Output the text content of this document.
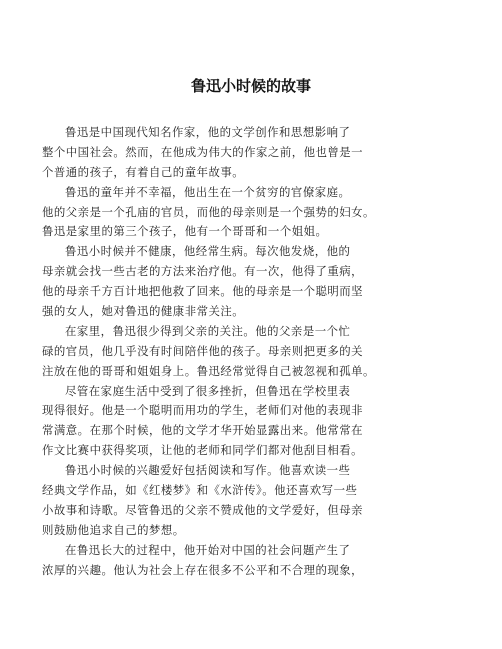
鲁迅小时候的故事

鲁迅是中国现代知名作家，他的文学创作和思想影响了

整个中国社会。然而，在他成为伟大的作家之前，他也曾是一

个普通的孩子，有着自己的童年故事。

鲁迅的童年并不幸福，他出生在一个贫穷的官僚家庭。

他的父亲是一个孔庙的官员，而他的母亲则是一个强势的妇女。

鲁迅是家里的第三个孩子，他有一个哥哥和一个姐姐。

鲁迅小时候并不健康，他经常生病。每次他发烧，他的

母亲就会找一些古老的方法来治疗他。有一次，他得了重病，

他的母亲千方百计地把他救了回来。他的母亲是一个聪明而坚

强的女人，她对鲁迅的健康非常关注。

在家里，鲁迅很少得到父亲的关注。他的父亲是一个忙

碌的官员，他几乎没有时间陪伴他的孩子。母亲则把更多的关

注放在他的哥哥和姐姐身上。鲁迅经常觉得自己被忽视和孤单。

尽管在家庭生活中受到了很多挫折，但鲁迅在学校里表

现得很好。他是一个聪明而用功的学生，老师们对他的表现非

常满意。在那个时候，他的文学才华开始显露出来。他常常在

作文比赛中获得奖项，让他的老师和同学们都对他刮目相看。

鲁迅小时候的兴趣爱好包括阅读和写作。他喜欢读一些

经典文学作品，如《红楼梦》和《水浒传》。他还喜欢写一些

小故事和诗歌。尽管鲁迅的父亲不赞成他的文学爱好，但母亲

则鼓励他追求自己的梦想。

在鲁迅长大的过程中，他开始对中国的社会问题产生了

浓厚的兴趣。他认为社会上存在很多不公平和不合理的现象，
